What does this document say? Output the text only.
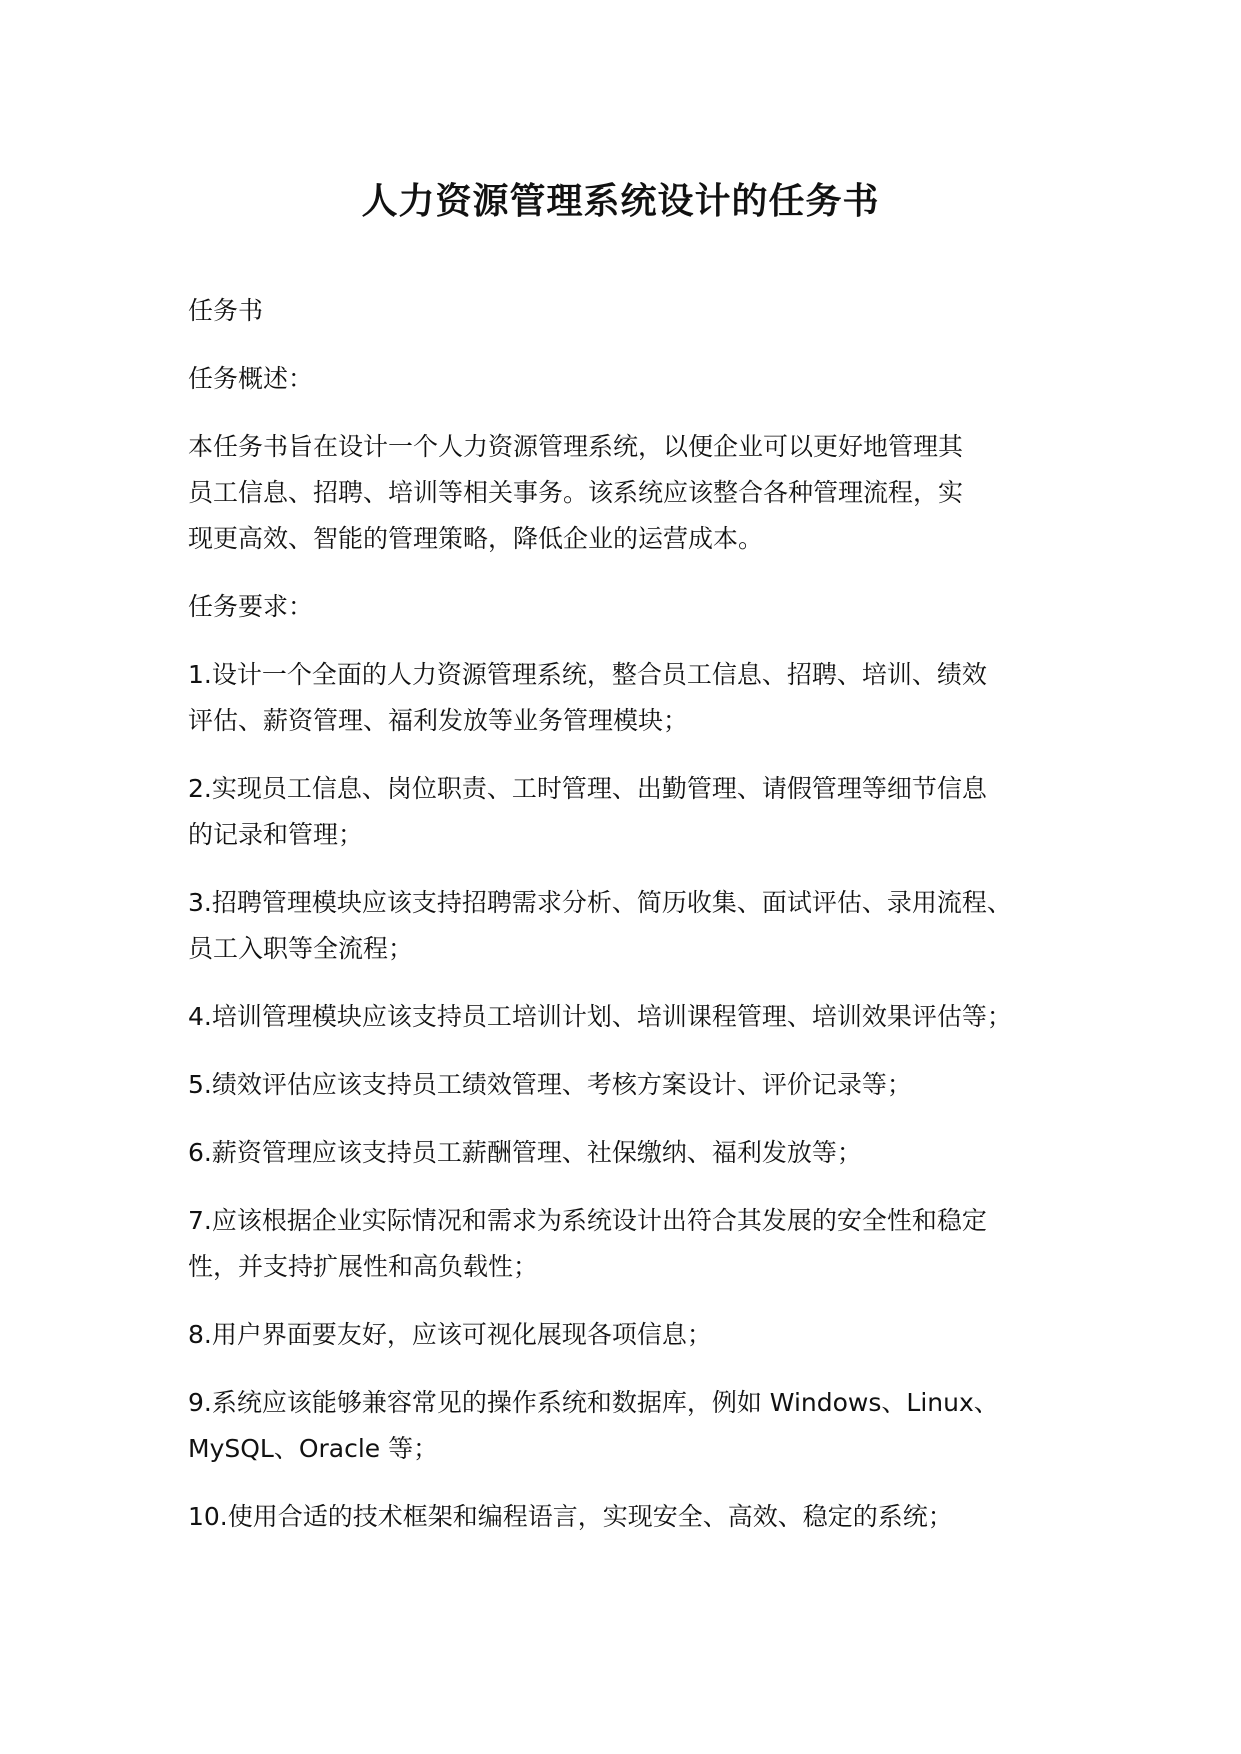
人力资源管理系统设计的任务书

任务书

任务概述：

本任务书旨在设计一个人力资源管理系统，以便企业可以更好地管理其
员工信息、招聘、培训等相关事务。该系统应该整合各种管理流程，实
现更高效、智能的管理策略，降低企业的运营成本。

任务要求：

1.设计一个全面的人力资源管理系统，整合员工信息、招聘、培训、绩效
评估、薪资管理、福利发放等业务管理模块；

2.实现员工信息、岗位职责、工时管理、出勤管理、请假管理等细节信息
的记录和管理；

3.招聘管理模块应该支持招聘需求分析、简历收集、面试评估、录用流程、
员工入职等全流程；

4.培训管理模块应该支持员工培训计划、培训课程管理、培训效果评估等；

5.绩效评估应该支持员工绩效管理、考核方案设计、评价记录等；

6.薪资管理应该支持员工薪酬管理、社保缴纳、福利发放等；

7.应该根据企业实际情况和需求为系统设计出符合其发展的安全性和稳定
性，并支持扩展性和高负载性；

8.用户界面要友好，应该可视化展现各项信息；

9.系统应该能够兼容常见的操作系统和数据库，例如 Windows、Linux、
MySQL、Oracle 等；

10.使用合适的技术框架和编程语言，实现安全、高效、稳定的系统；
